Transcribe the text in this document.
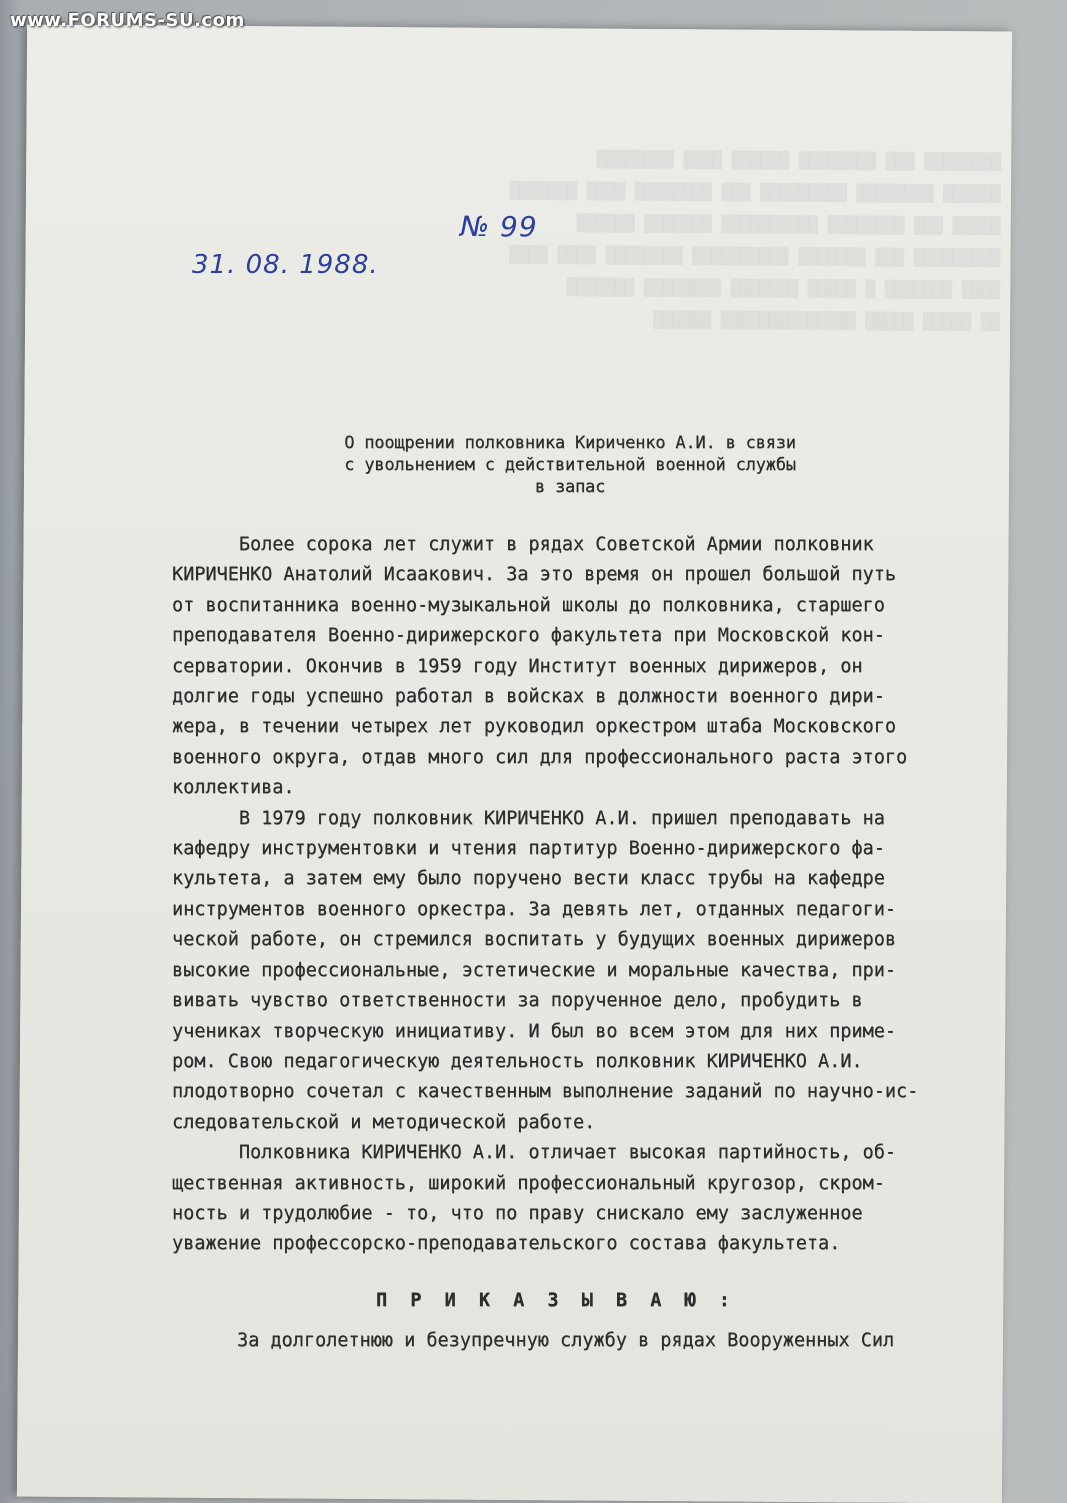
www.FORUMS-SU.com
████████ ███ ████████ ██████ ████ ████████
██████ ████████ █████████ ███ ████████ ████ ███████
█████ ███ ████████ ██████████ ███████ ██████
█████████ ███ ███████ ██████████ ████████ ████ ████
████ ███████ █ █████ ███████ ████████ ███████
██ █████ █████ ██████████████ ██████
№ 99
31. 08. 1988.
О поощрении полковника Кириченко А.И. в связи
с увольнением с действительной военной службы
в запас
Более сорока лет служит в рядах Советской Армии полковник
КИРИЧЕНКО Анатолий Исаакович. За это время он прошел большой путь
от воспитанника военно-музыкальной школы до полковника, старшего
преподавателя Военно-дирижерского факультета при Московской кон-
серватории. Окончив в 1959 году Институт военных дирижеров, он
долгие годы успешно работал в войсках в должности военного дири-
жера, в течении четырех лет руководил оркестром штаба Московского
военного округа, отдав много сил для профессионального раста этого
коллектива.
В 1979 году полковник КИРИЧЕНКО А.И. пришел преподавать на
кафедру инструментовки и чтения партитур Военно-дирижерского фа-
культета, а затем ему было поручено вести класс трубы на кафедре
инструментов военного оркестра. За девять лет, отданных педагоги-
ческой работе, он стремился воспитать у будущих военных дирижеров
высокие профессиональные, эстетические и моральные качества, при-
вивать чувство ответственности за порученное дело, пробудить в
учениках творческую инициативу. И был во всем этом для них приме-
ром. Свою педагогическую деятельность полковник КИРИЧЕНКО А.И.
плодотворно сочетал с качественным выполнение заданий по научно-ис-
следовательской и методической работе.
Полковника КИРИЧЕНКО А.И. отличает высокая партийность, об-
щественная активность, широкий профессиональный кругозор, скром-
ность и трудолюбие - то, что по праву снискало ему заслуженное
уважение профессорско-преподавательского состава факультета.
П Р И К А З Ы В А Ю :
За долголетнюю и безупречную службу в рядах Вооруженных Сил
